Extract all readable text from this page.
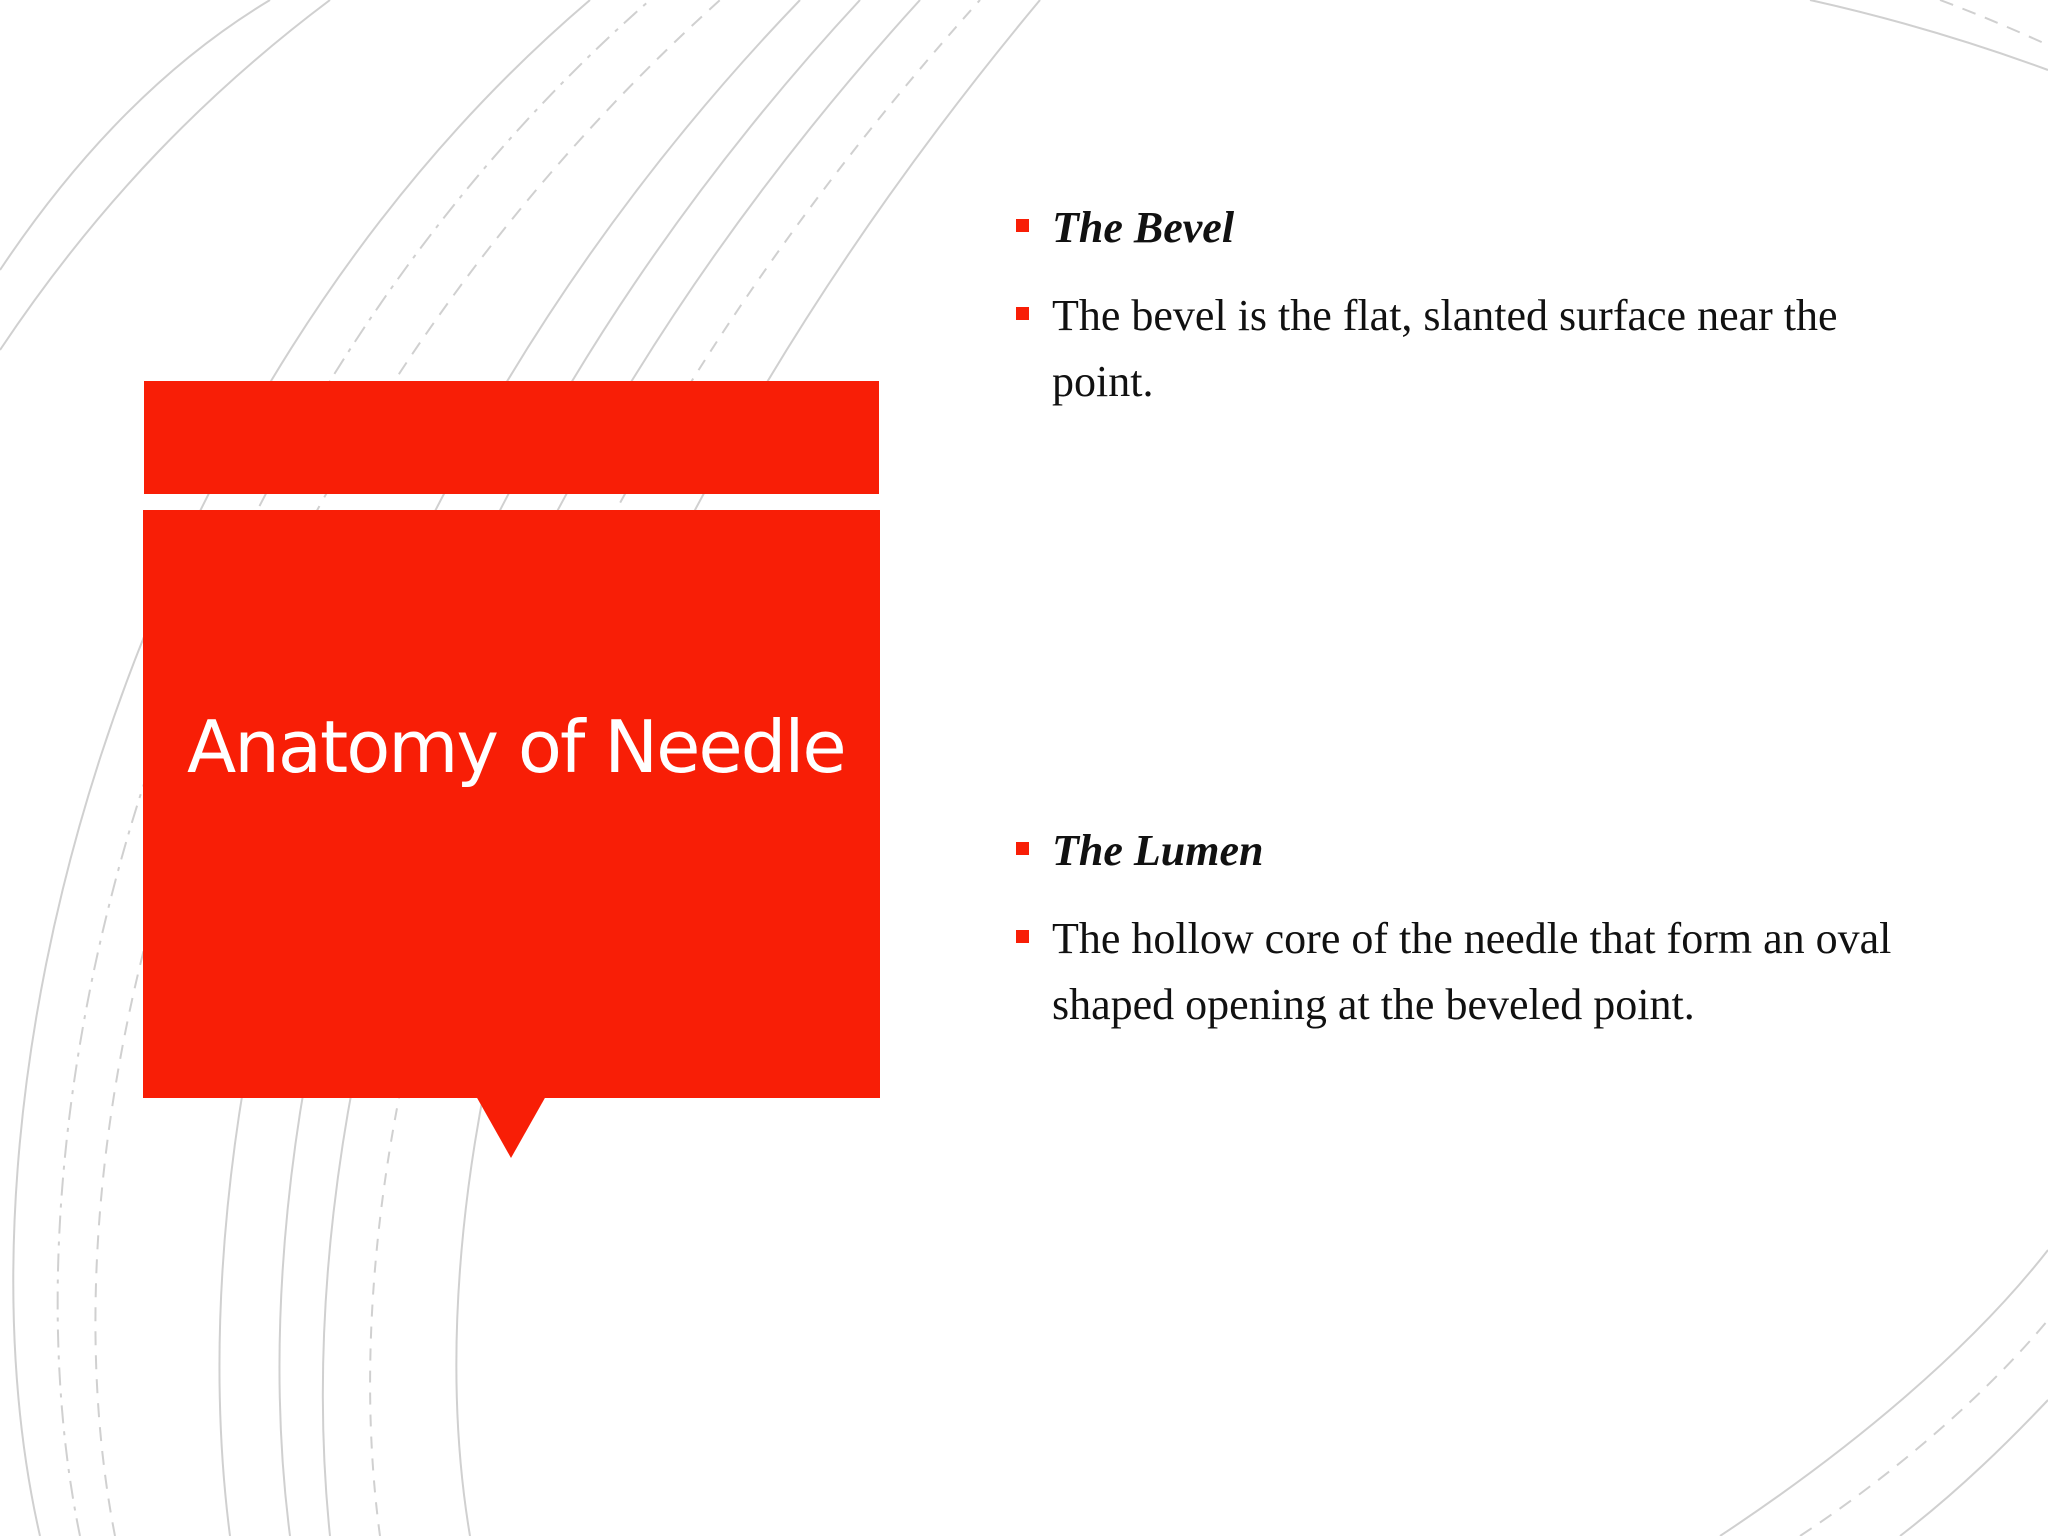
Anatomy of Needle
The Bevel
The bevel is the flat, slanted surface near the point.
The Lumen
The hollow core of the needle that form an oval shaped opening at the beveled point.
